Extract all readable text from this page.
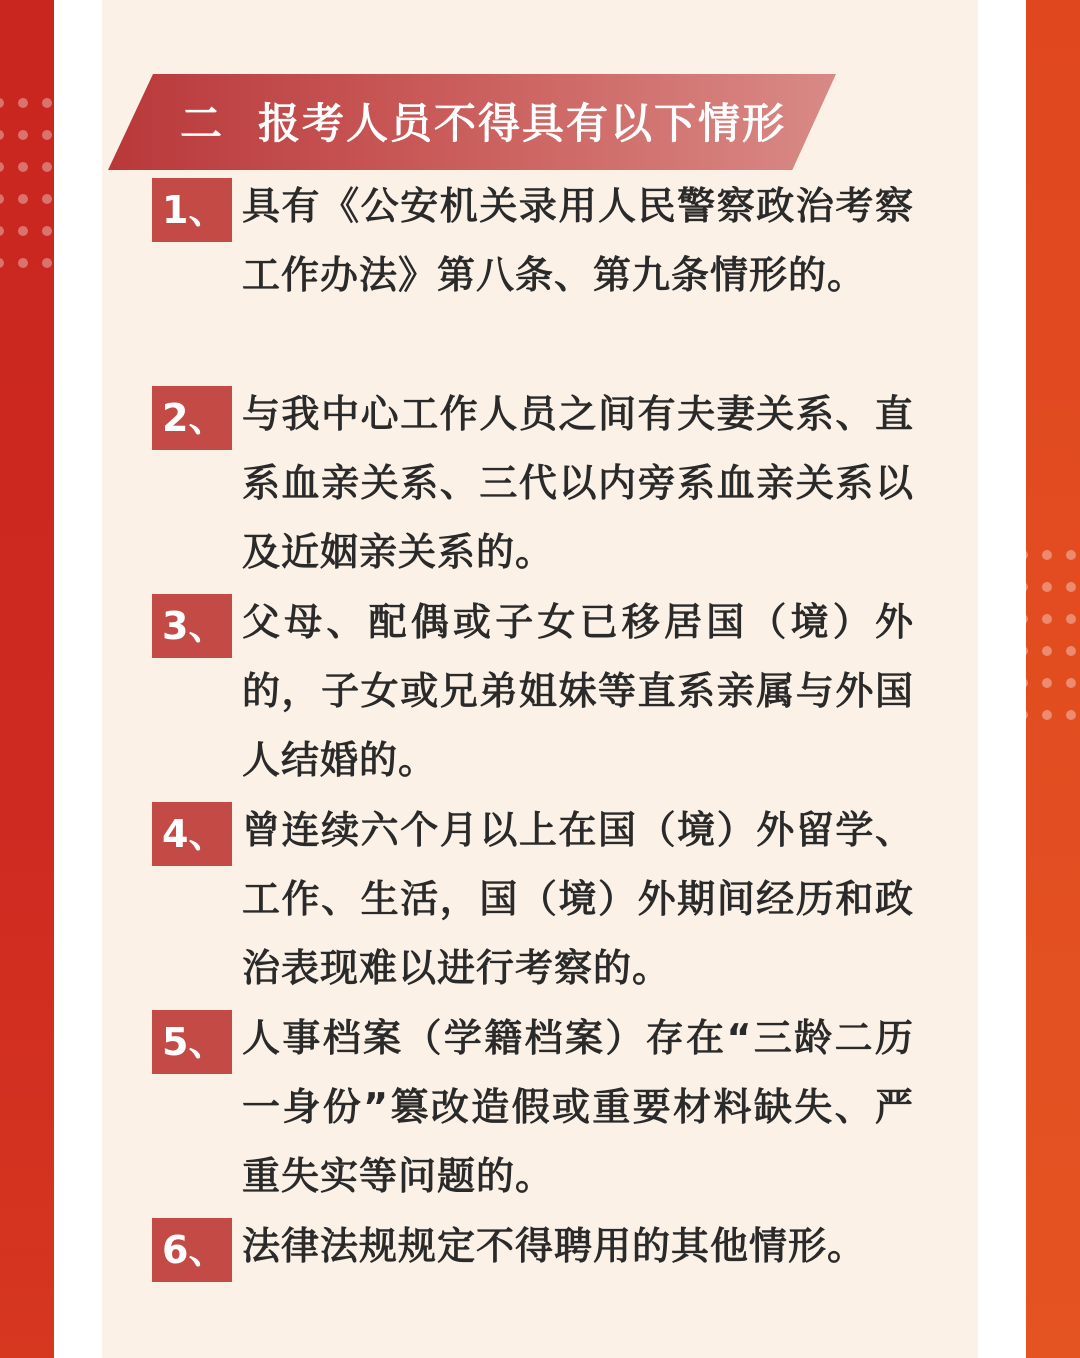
二 报考人员不得具有以下情形
1、 具有《公安机关录用人民警察政治考察工作办法》第八条、第九条情形的。
2、 与我中心工作人员之间有夫妻关系、直系血亲关系、三代以内旁系血亲关系以及近姻亲关系的。
3、 父母、配偶或子女已移居国（境）外的，子女或兄弟姐妹等直系亲属与外国人结婚的。
4、 曾连续六个月以上在国（境）外留学、工作、生活，国（境）外期间经历和政治表现难以进行考察的。
5、 人事档案（学籍档案）存在“三龄二历一身份”篡改造假或重要材料缺失、严重失实等问题的。
6、 法律法规规定不得聘用的其他情形。
